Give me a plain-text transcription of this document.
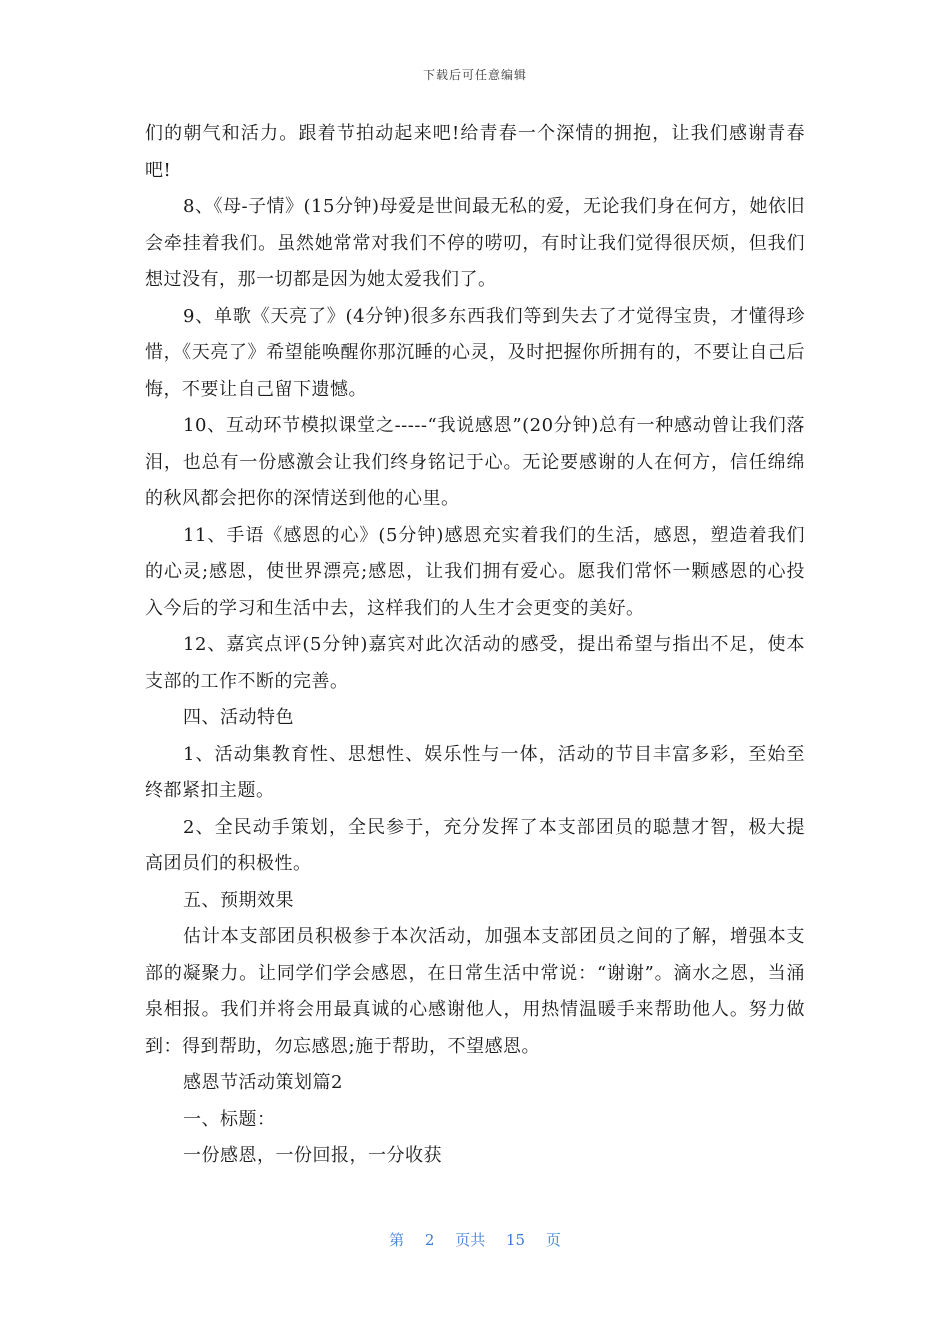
下载后可任意编辑

们的朝气和活力。跟着节拍动起来吧!给青春一个深情的拥抱，让我们感谢青春吧!

8、《母-子情》(15分钟)母爱是世间最无私的爱，无论我们身在何方，她依旧会牵挂着我们。虽然她常常对我们不停的唠叨，有时让我们觉得很厌烦，但我们想过没有，那一切都是因为她太爱我们了。

9、单歌《天亮了》(4分钟)很多东西我们等到失去了才觉得宝贵，才懂得珍惜，《天亮了》希望能唤醒你那沉睡的心灵，及时把握你所拥有的，不要让自己后悔，不要让自己留下遗憾。

10、互动环节模拟课堂之-----“我说感恩”(20分钟)总有一种感动曾让我们落泪，也总有一份感激会让我们终身铭记于心。无论要感谢的人在何方，信任绵绵的秋风都会把你的深情送到他的心里。

11、手语《感恩的心》(5分钟)感恩充实着我们的生活，感恩，塑造着我们的心灵;感恩，使世界漂亮;感恩，让我们拥有爱心。愿我们常怀一颗感恩的心投入今后的学习和生活中去，这样我们的人生才会更变的美好。

12、嘉宾点评(5分钟)嘉宾对此次活动的感受，提出希望与指出不足，使本支部的工作不断的完善。

四、活动特色

1、活动集教育性、思想性、娱乐性与一体，活动的节目丰富多彩，至始至终都紧扣主题。

2、全民动手策划，全民参于，充分发挥了本支部团员的聪慧才智，极大提高团员们的积极性。

五、预期效果

估计本支部团员积极参于本次活动，加强本支部团员之间的了解，增强本支部的凝聚力。让同学们学会感恩，在日常生活中常说：“谢谢”。滴水之恩，当涌泉相报。我们并将会用最真诚的心感谢他人，用热情温暖手来帮助他人。努力做到：得到帮助，勿忘感恩;施于帮助，不望感恩。

感恩节活动策划篇2

一、标题：

一份感恩，一份回报，一分收获

第 2 页共 15 页
